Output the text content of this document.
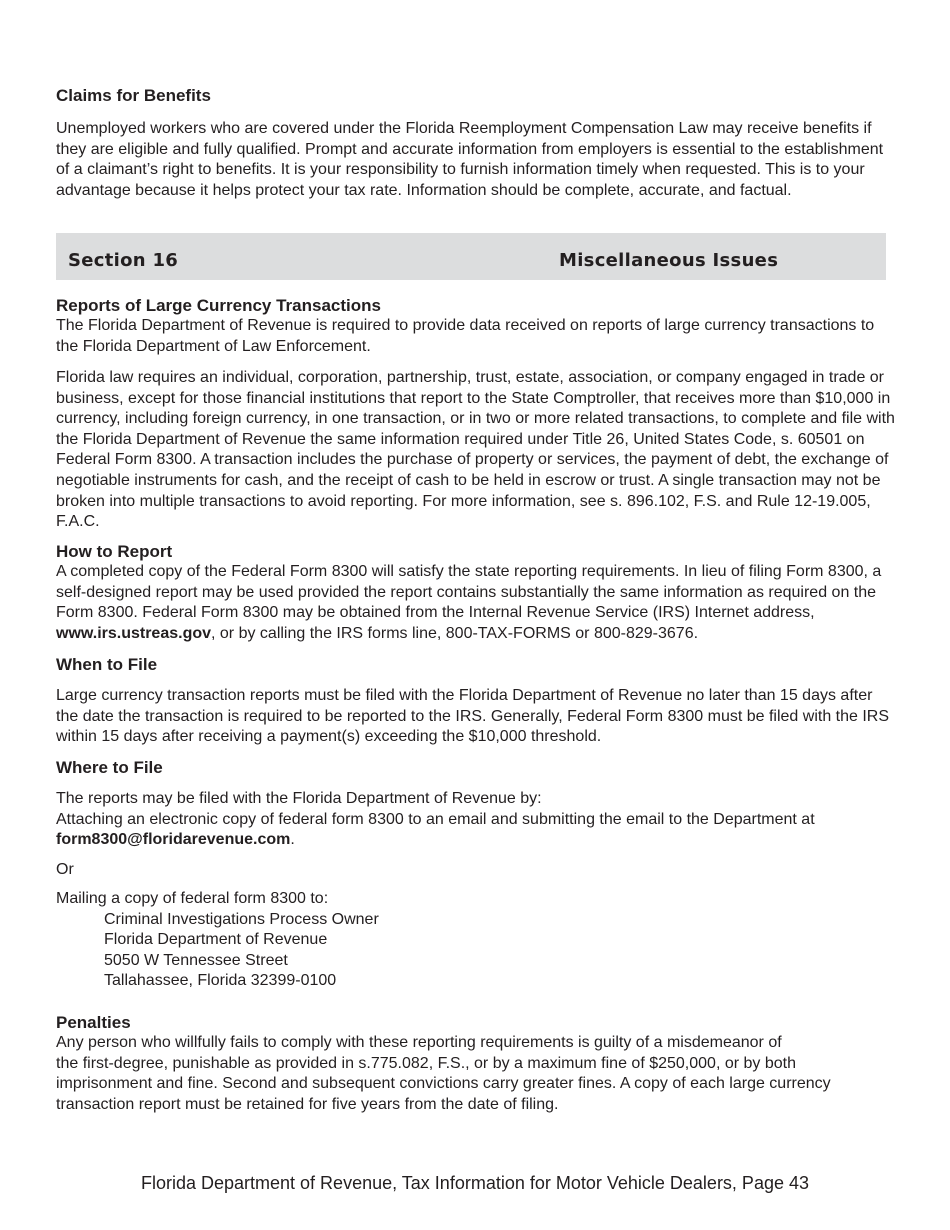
Claims for Benefits

Unemployed workers who are covered under the Florida Reemployment Compensation Law may receive benefits if they are eligible and fully qualified. Prompt and accurate information from employers is essential to the establishment of a claimant’s right to benefits. It is your responsibility to furnish information timely when requested. This is to your advantage because it helps protect your tax rate. Information should be complete, accurate, and factual.

Section 16	Miscellaneous Issues
Reports of Large Currency Transactions

The Florida Department of Revenue is required to provide data received on reports of large currency transactions to the Florida Department of Law Enforcement.

Florida law requires an individual, corporation, partnership, trust, estate, association, or company engaged in trade or business, except for those financial institutions that report to the State Comptroller, that receives more than $10,000 in currency, including foreign currency, in one transaction, or in two or more related transactions, to complete and file with the Florida Department of Revenue the same information required under Title 26, United States Code, s. 60501 on Federal Form 8300. A transaction includes the purchase of property or services, the payment of debt, the exchange of negotiable instruments for cash, and the receipt of cash to be held in escrow or trust. A single transaction may not be broken into multiple transactions to avoid reporting. For more information, see s. 896.102, F.S. and Rule 12-19.005, F.A.C.

How to Report

A completed copy of the Federal Form 8300 will satisfy the state reporting requirements. In lieu of filing Form 8300, a self-designed report may be used provided the report contains substantially the same information as required on the Form 8300. Federal Form 8300 may be obtained from the Internal Revenue Service (IRS) Internet address, www.irs.ustreas.gov, or by calling the IRS forms line, 800-TAX-FORMS or 800-829-3676.

When to File

Large currency transaction reports must be filed with the Florida Department of Revenue no later than 15 days after the date the transaction is required to be reported to the IRS. Generally, Federal Form 8300 must be filed with the IRS within 15 days after receiving a payment(s) exceeding the $10,000 threshold.

Where to File

The reports may be filed with the Florida Department of Revenue by:

Attaching an electronic copy of federal form 8300 to an email and submitting the email to the Department at

form8300@floridarevenue.com.

Or

Mailing a copy of federal form 8300 to:

Criminal Investigations Process Owner

Florida Department of Revenue

5050 W Tennessee Street

Tallahassee, Florida 32399-0100

Penalties

Any person who willfully fails to comply with these reporting requirements is guilty of a misdemeanor of

the first-degree, punishable as provided in s.775.082, F.S., or by a maximum fine of $250,000, or by both

imprisonment and fine. Second and subsequent convictions carry greater fines. A copy of each large currency

transaction report must be retained for five years from the date of filing.

Florida Department of Revenue, Tax Information for Motor Vehicle Dealers, Page 43
